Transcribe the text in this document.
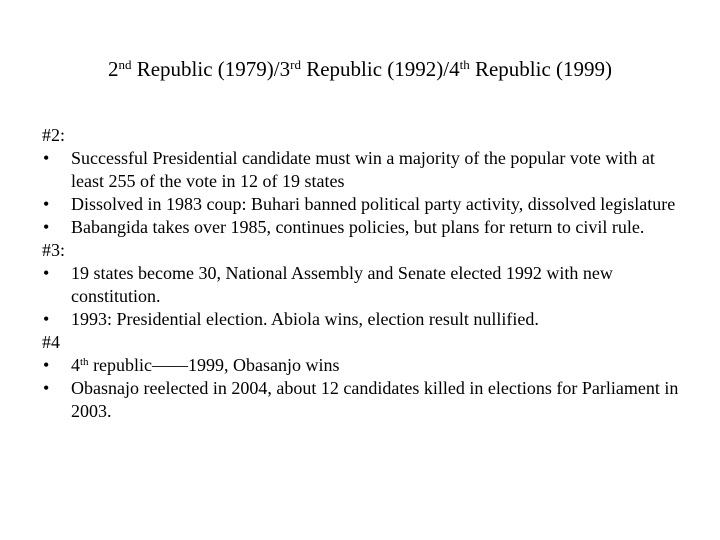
2nd Republic (1979)/3rd Republic (1992)/4th Republic (1999)

#2:

• Successful Presidential candidate must win a majority of the popular vote with at least 255 of the vote in 12 of 19 states

• Dissolved in 1983 coup: Buhari banned political party activity, dissolved legislature

• Babangida takes over 1985, continues policies, but plans for return to civil rule.

#3:

• 19 states become 30, National Assembly and Senate elected 1992 with new constitution.

• 1993: Presidential election. Abiola wins, election result nullified.

#4

• 4th republic——1999, Obasanjo wins

• Obasnajo reelected in 2004, about 12 candidates killed in elections for Parliament in 2003.
